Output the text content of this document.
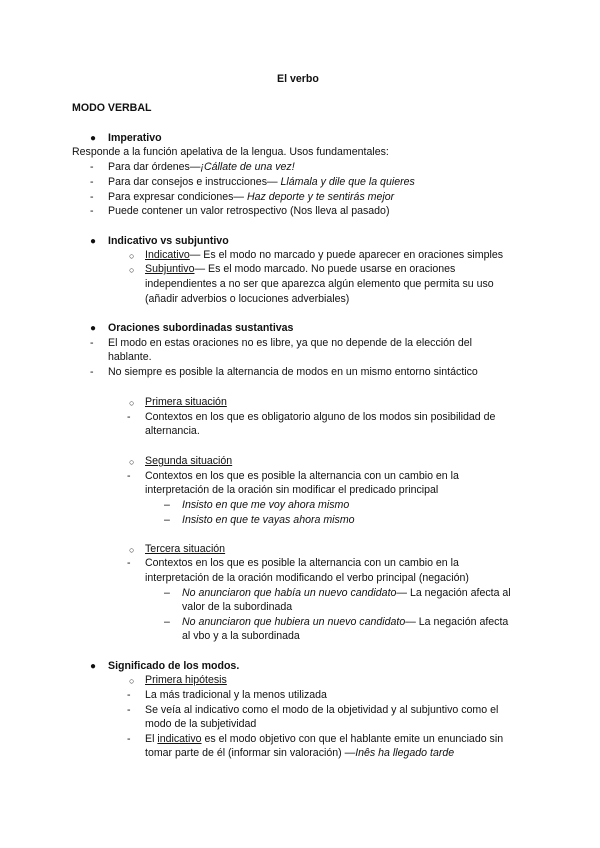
El verbo
MODO VERBAL
● Imperativo
Responde a la función apelativa de la lengua. Usos fundamentales:
- Para dar órdenes—¡Cállate de una vez!
- Para dar consejos e instrucciones— Llámala y dile que la quieres
- Para expresar condiciones— Haz deporte y te sentirás mejor
- Puede contener un valor retrospectivo (Nos lleva al pasado)
● Indicativo vs subjuntivo
○ Indicativo— Es el modo no marcado y puede aparecer en oraciones simples
○ Subjuntivo— Es el modo marcado. No puede usarse en oraciones
independientes a no ser que aparezca algún elemento que permita su uso
(añadir adverbios o locuciones adverbiales)
● Oraciones subordinadas sustantivas
- El modo en estas oraciones no es libre, ya que no depende de la elección del
hablante.
- No siempre es posible la alternancia de modos en un mismo entorno sintáctico
○ Primera situación
- Contextos en los que es obligatorio alguno de los modos sin posibilidad de
alternancia.
○ Segunda situación
- Contextos en los que es posible la alternancia con un cambio en la
interpretación de la oración sin modificar el predicado principal
– Insisto en que me voy ahora mismo
– Insisto en que te vayas ahora mismo
○ Tercera situación
- Contextos en los que es posible la alternancia con un cambio en la
interpretación de la oración modificando el verbo principal (negación)
– No anunciaron que había un nuevo candidato— La negación afecta al
valor de la subordinada
– No anunciaron que hubiera un nuevo candidato— La negación afecta
al vbo y a la subordinada
● Significado de los modos.
○ Primera hipótesis
- La más tradicional y la menos utilizada
- Se veía al indicativo como el modo de la objetividad y al subjuntivo como el
modo de la subjetividad
- El indicativo es el modo objetivo con que el hablante emite un enunciado sin
tomar parte de él (informar sin valoración) —Inês ha llegado tarde
